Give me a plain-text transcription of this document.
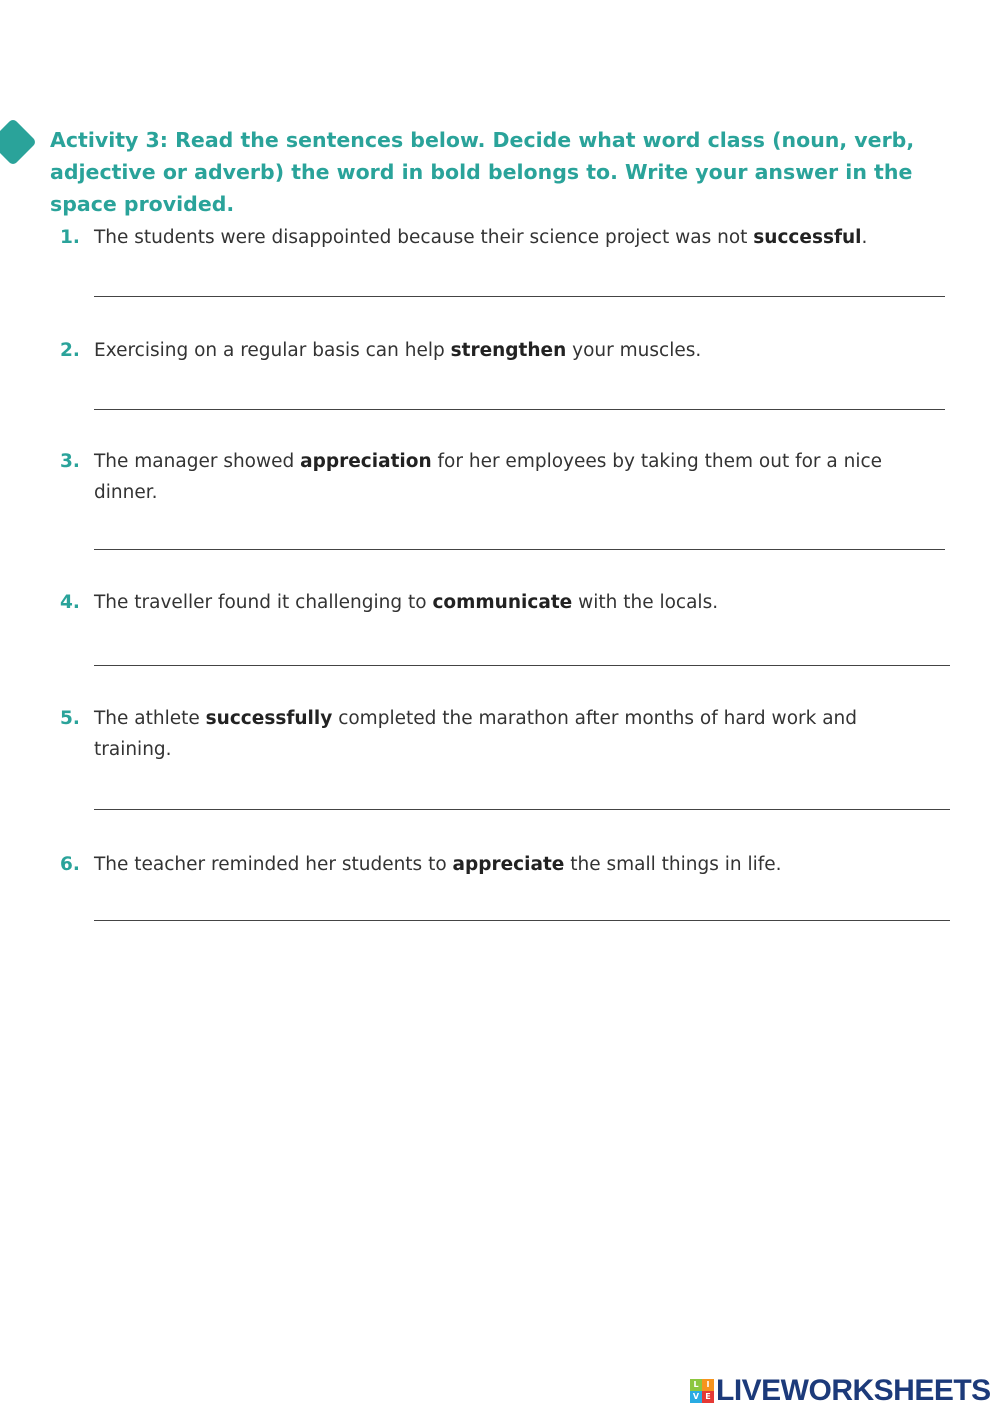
Activity 3: Read the sentences below. Decide what word class (noun, verb, adjective or adverb) the word in bold belongs to. Write your answer in the space provided.
1. The students were disappointed because their science project was not successful.
2. Exercising on a regular basis can help strengthen your muscles.
3. The manager showed appreciation for her employees by taking them out for a nice dinner.
4. The traveller found it challenging to communicate with the locals.
5. The athlete successfully completed the marathon after months of hard work and training.
6. The teacher reminded her students to appreciate the small things in life.
L I
V E LIVEWORKSHEETS
